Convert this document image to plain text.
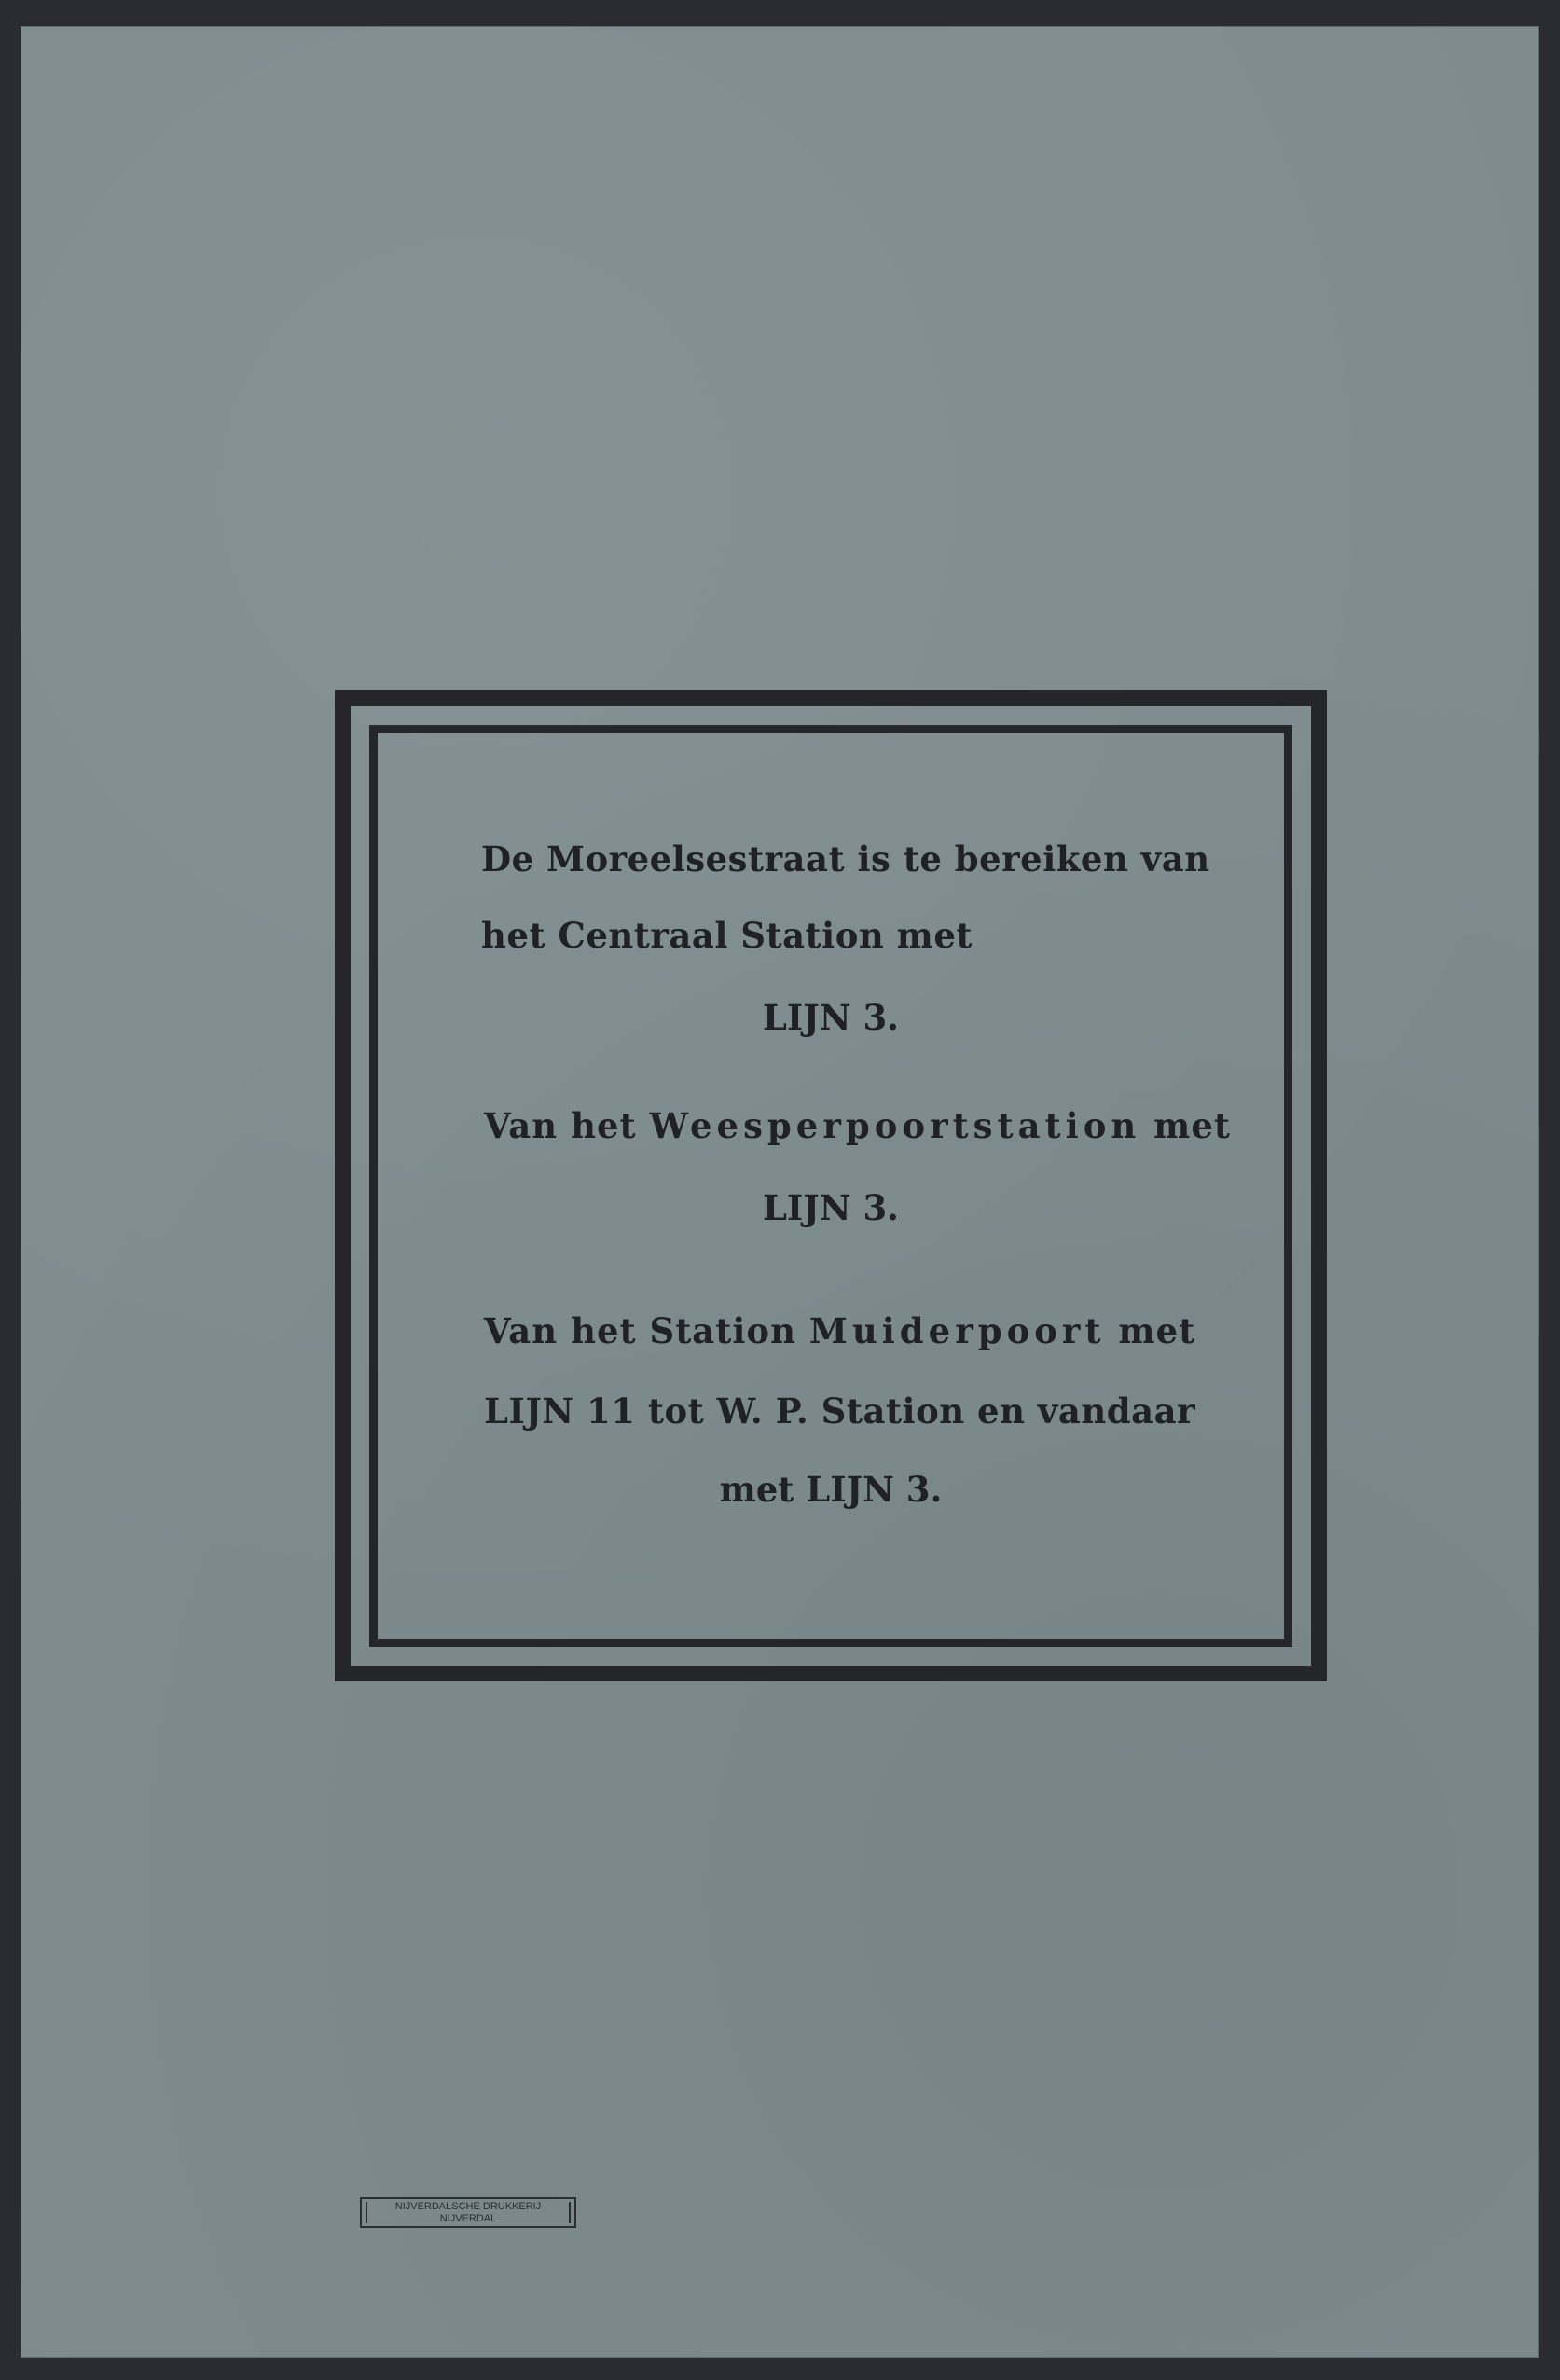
De Moreelsestraat is te bereiken van
het Centraal Station met
LIJN 3.
Van het Weesperpoortstation met
LIJN 3.
Van het Station Muiderpoort met
LIJN 11 tot W. P. Station en vandaar
met LIJN 3.
NIJVERDALSCHE DRUKKERIJ
NIJVERDAL
